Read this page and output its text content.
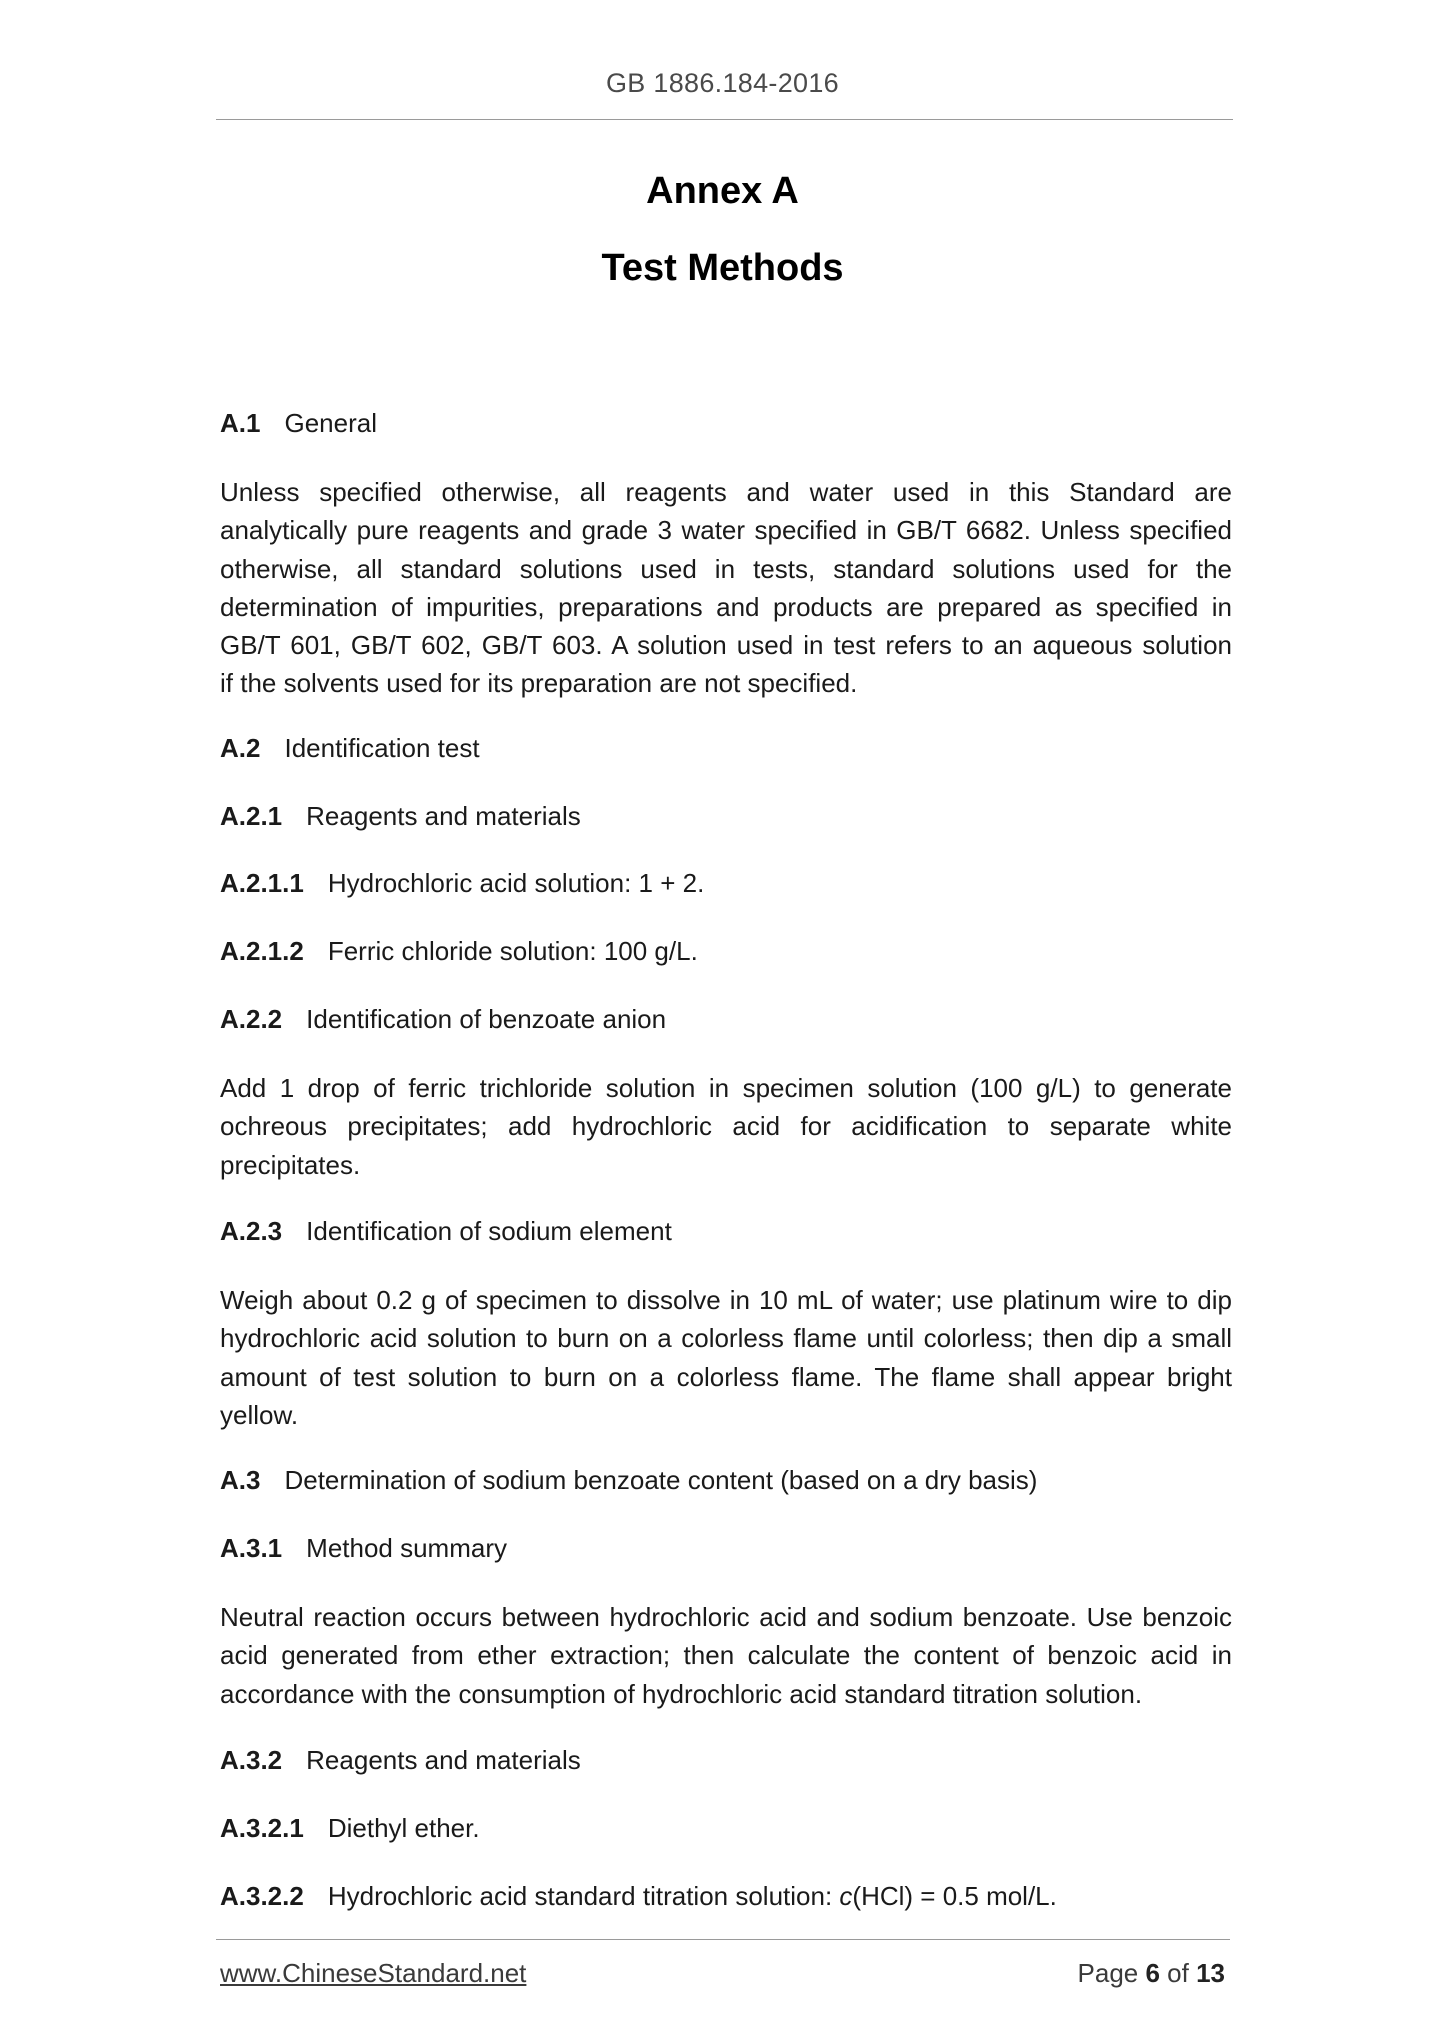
GB 1886.184-2016
Annex A
Test Methods
A.1 General
Unless specified otherwise, all reagents and water used in this Standard are
analytically pure reagents and grade 3 water specified in GB/T 6682. Unless specified
otherwise, all standard solutions used in tests, standard solutions used for the
determination of impurities, preparations and products are prepared as specified in
GB/T 601, GB/T 602, GB/T 603. A solution used in test refers to an aqueous solution
if the solvents used for its preparation are not specified.
A.2 Identification test
A.2.1 Reagents and materials
A.2.1.1 Hydrochloric acid solution: 1 + 2.
A.2.1.2 Ferric chloride solution: 100 g/L.
A.2.2 Identification of benzoate anion
Add 1 drop of ferric trichloride solution in specimen solution (100 g/L) to generate
ochreous precipitates; add hydrochloric acid for acidification to separate white
precipitates.
A.2.3 Identification of sodium element
Weigh about 0.2 g of specimen to dissolve in 10 mL of water; use platinum wire to dip
hydrochloric acid solution to burn on a colorless flame until colorless; then dip a small
amount of test solution to burn on a colorless flame. The flame shall appear bright
yellow.
A.3 Determination of sodium benzoate content (based on a dry basis)
A.3.1 Method summary
Neutral reaction occurs between hydrochloric acid and sodium benzoate. Use benzoic
acid generated from ether extraction; then calculate the content of benzoic acid in
accordance with the consumption of hydrochloric acid standard titration solution.
A.3.2 Reagents and materials
A.3.2.1 Diethyl ether.
A.3.2.2 Hydrochloric acid standard titration solution: c(HCl) = 0.5 mol/L.
www.ChineseStandard.net	Page 6 of 13
